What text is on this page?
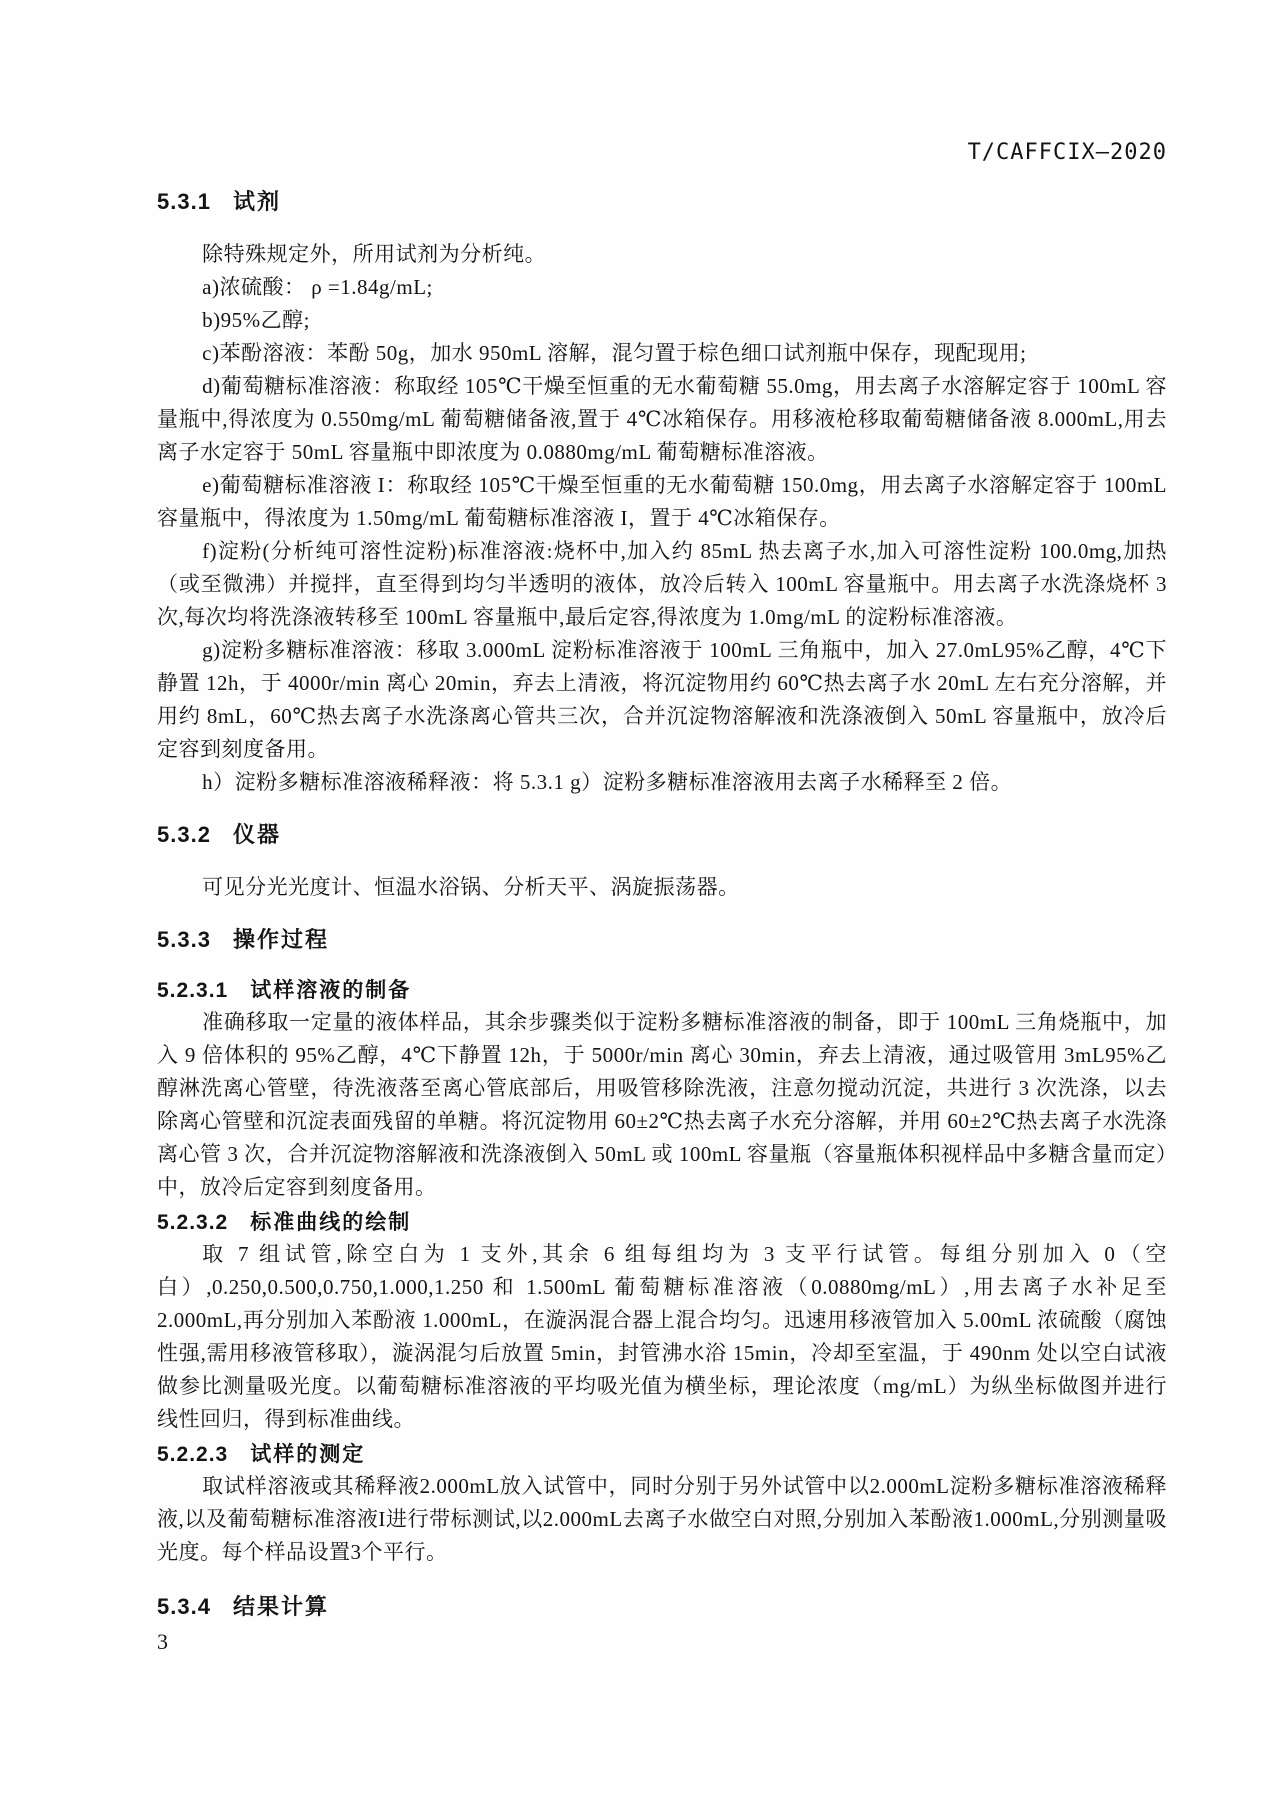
T/CAFFCIX—2020
5.3.1 试剂

除特殊规定外，所用试剂为分析纯。

a)浓硫酸： ρ =1.84g/mL;

b)95%乙醇;

c)苯酚溶液：苯酚 50g，加水 950mL 溶解，混匀置于棕色细口试剂瓶中保存，现配现用;

d)葡萄糖标准溶液：称取经 105℃干燥至恒重的无水葡萄糖 55.0mg，用去离子水溶解定容于 100mL 容量瓶中,得浓度为 0.550mg/mL 葡萄糖储备液,置于 4℃冰箱保存。用移液枪移取葡萄糖储备液 8.000mL,用去离子水定容于 50mL 容量瓶中即浓度为 0.0880mg/mL 葡萄糖标准溶液。

e)葡萄糖标准溶液 I：称取经 105℃干燥至恒重的无水葡萄糖 150.0mg，用去离子水溶解定容于 100mL 容量瓶中，得浓度为 1.50mg/mL 葡萄糖标准溶液 I，置于 4℃冰箱保存。

f)淀粉(分析纯可溶性淀粉)标准溶液:烧杯中,加入约 85mL 热去离子水,加入可溶性淀粉 100.0mg,加热（或至微沸）并搅拌，直至得到均匀半透明的液体，放冷后转入 100mL 容量瓶中。用去离子水洗涤烧杯 3 次,每次均将洗涤液转移至 100mL 容量瓶中,最后定容,得浓度为 1.0mg/mL 的淀粉标准溶液。

g)淀粉多糖标准溶液：移取 3.000mL 淀粉标准溶液于 100mL 三角瓶中，加入 27.0mL95%乙醇，4℃下静置 12h，于 4000r/min 离心 20min，弃去上清液，将沉淀物用约 60℃热去离子水 20mL 左右充分溶解，并用约 8mL，60℃热去离子水洗涤离心管共三次，合并沉淀物溶解液和洗涤液倒入 50mL 容量瓶中，放冷后定容到刻度备用。

h）淀粉多糖标准溶液稀释液：将 5.3.1 g）淀粉多糖标准溶液用去离子水稀释至 2 倍。

5.3.2 仪器

可见分光光度计、恒温水浴锅、分析天平、涡旋振荡器。

5.3.3 操作过程
5.2.3.1 试样溶液的制备

准确移取一定量的液体样品，其余步骤类似于淀粉多糖标准溶液的制备，即于 100mL 三角烧瓶中，加入 9 倍体积的 95%乙醇，4℃下静置 12h，于 5000r/min 离心 30min，弃去上清液，通过吸管用 3mL95%乙醇淋洗离心管壁，待洗液落至离心管底部后，用吸管移除洗液，注意勿搅动沉淀，共进行 3 次洗涤，以去除离心管壁和沉淀表面残留的单糖。将沉淀物用 60±2℃热去离子水充分溶解，并用 60±2℃热去离子水洗涤离心管 3 次，合并沉淀物溶解液和洗涤液倒入 50mL 或 100mL 容量瓶（容量瓶体积视样品中多糖含量而定）中，放冷后定容到刻度备用。

5.2.3.2 标准曲线的绘制

取 7 组试管,除空白为 1 支外,其余 6 组每组均为 3 支平行试管。每组分别加入 0（空白）,0.250,0.500,0.750,1.000,1.250 和 1.500mL 葡萄糖标准溶液（0.0880mg/mL）,用去离子水补足至 2.000mL,再分别加入苯酚液 1.000mL，在漩涡混合器上混合均匀。迅速用移液管加入 5.00mL 浓硫酸（腐蚀性强,需用移液管移取），漩涡混匀后放置 5min，封管沸水浴 15min，冷却至室温，于 490nm 处以空白试液做参比测量吸光度。以葡萄糖标准溶液的平均吸光值为横坐标，理论浓度（mg/mL）为纵坐标做图并进行线性回归，得到标准曲线。

5.2.2.3 试样的测定

取试样溶液或其稀释液2.000mL放入试管中，同时分别于另外试管中以2.000mL淀粉多糖标准溶液稀释液,以及葡萄糖标准溶液I进行带标测试,以2.000mL去离子水做空白对照,分别加入苯酚液1.000mL,分别测量吸光度。每个样品设置3个平行。

5.3.4 结果计算
3
